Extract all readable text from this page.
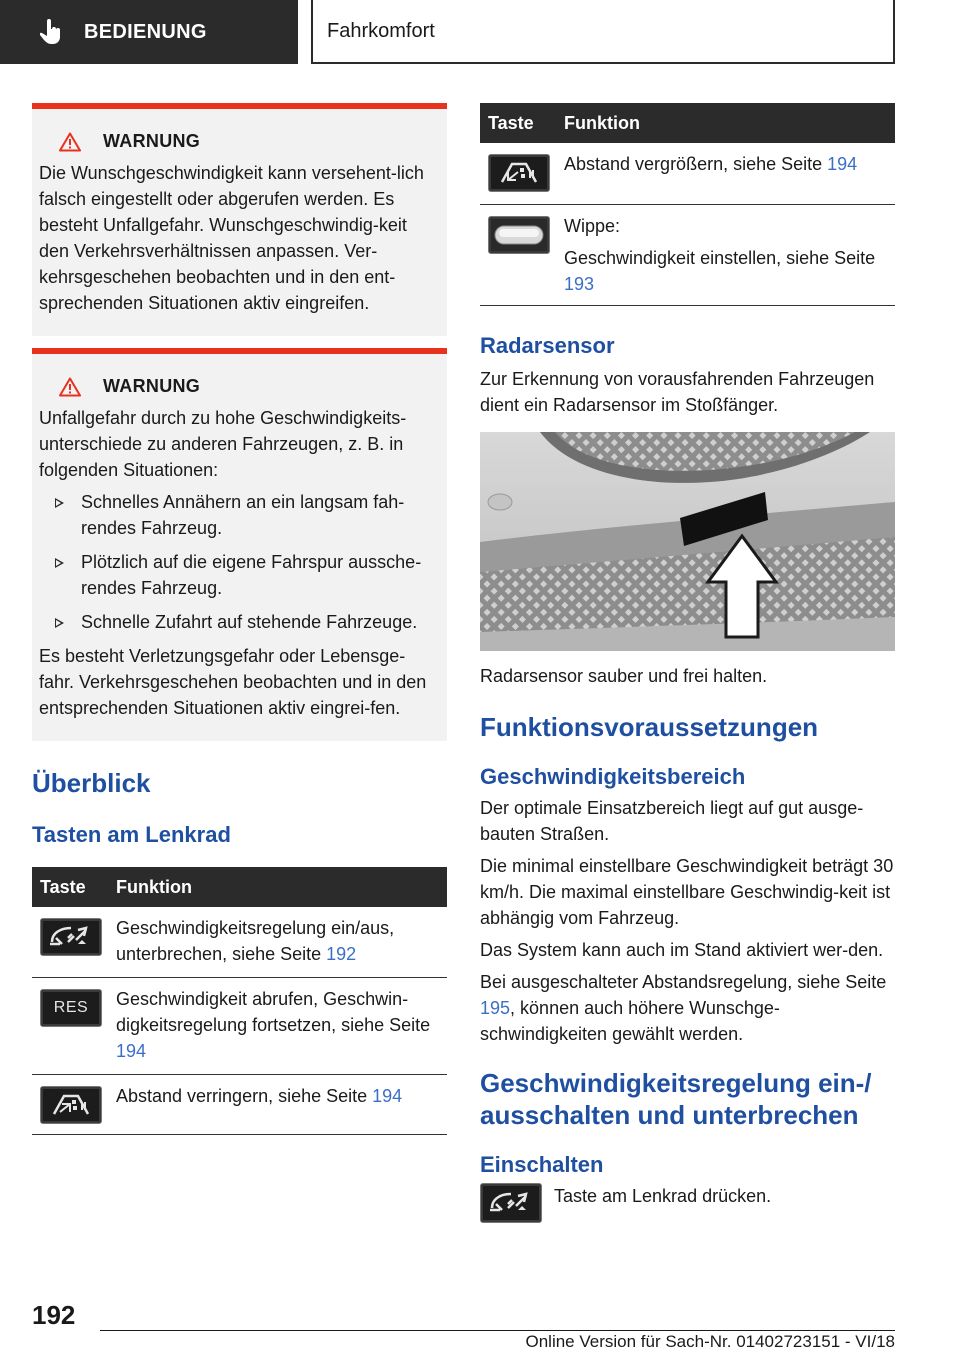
BEDIENUNG	Fahrkomfort
WARNUNG

Die Wunschgeschwindigkeit kann versehent-lich falsch eingestellt oder abgerufen werden. Es besteht Unfallgefahr. Wunschgeschwindig-keit den Verkehrsverhältnissen anpassen. Ver-kehrsgeschehen beobachten und in den ent-sprechenden Situationen aktiv eingreifen.

WARNUNG

Unfallgefahr durch zu hohe Geschwindigkeits-unterschiede zu anderen Fahrzeugen, z. B. in folgenden Situationen:

Schnelles Annähern an ein langsam fah-rendes Fahrzeug.
Plötzlich auf die eigene Fahrspur aussche-rendes Fahrzeug.
Schnelle Zufahrt auf stehende Fahrzeuge.

Es besteht Verletzungsgefahr oder Lebensge-fahr. Verkehrsgeschehen beobachten und in den entsprechenden Situationen aktiv eingrei-fen.

Überblick
Tasten am Lenkrad
Taste	Funktion
Geschwindigkeitsregelung ein/aus, unterbrechen, siehe Seite 192
RES Geschwindigkeit abrufen, Geschwin-digkeitsregelung fortsetzen, siehe Seite 194
Abstand verringern, siehe Seite 194
Taste	Funktion
Abstand vergrößern, siehe Seite 194
Wippe:
Geschwindigkeit einstellen, siehe Seite 193
Radarsensor

Zur Erkennung von vorausfahrenden Fahrzeugen dient ein Radarsensor im Stoßfänger.

Radarsensor sauber und frei halten.

Funktionsvoraussetzungen
Geschwindigkeitsbereich

Der optimale Einsatzbereich liegt auf gut ausge-bauten Straßen.

Die minimal einstellbare Geschwindigkeit beträgt 30 km/h. Die maximal einstellbare Geschwindig-keit ist abhängig vom Fahrzeug.

Das System kann auch im Stand aktiviert wer-den.

Bei ausgeschalteter Abstandsregelung, siehe Seite 195, können auch höhere Wunschge-schwindigkeiten gewählt werden.

Geschwindigkeitsregelung ein-/
ausschalten und unterbrechen
Einschalten

Taste am Lenkrad drücken.

192
Online Version für Sach-Nr. 01402723151 - VI/18
